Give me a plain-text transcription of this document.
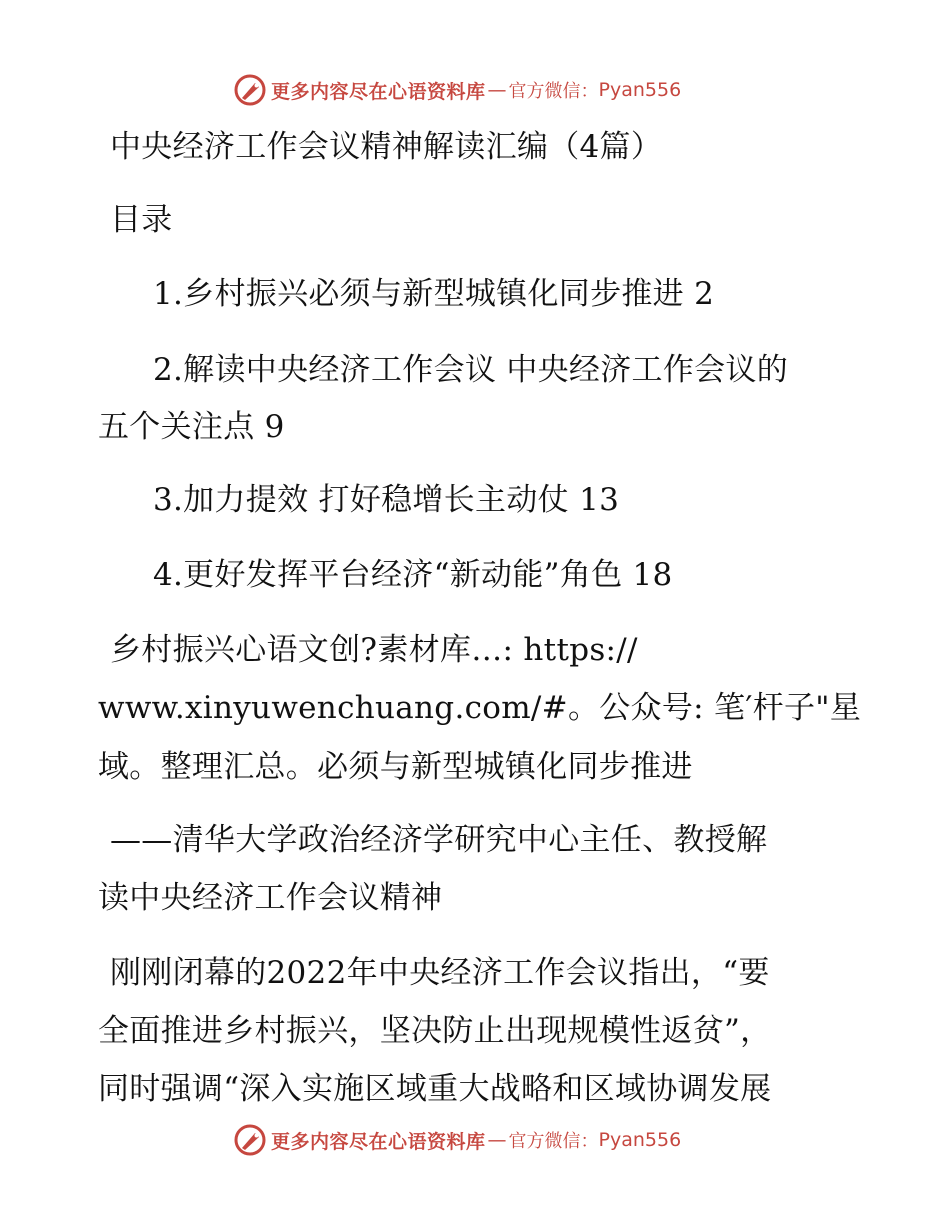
更多内容尽在心语资料库 — 官方微信： Pyan556
中央经济工作会议精神解读汇编（4篇）
目录
1.乡村振兴必须与新型城镇化同步推进 2
2.解读中央经济工作会议 中央经济工作会议的
五个关注点 9
3.加力提效 打好稳增长主动仗 13
4.更好发挥平台经济“新动能”角色 18
乡村振兴心语文创?素材库…: https://
www.xinyuwenchuang.com/#。公众号: 笔′杆子"星
域。整理汇总。必须与新型城镇化同步推进
——清华大学政治经济学研究中心主任、教授解
读中央经济工作会议精神
刚刚闭幕的2022年中央经济工作会议指出，“要
全面推进乡村振兴，坚决防止出现规模性返贫”，
同时强调“深入实施区域重大战略和区域协调发展
更多内容尽在心语资料库 — 官方微信： Pyan556
